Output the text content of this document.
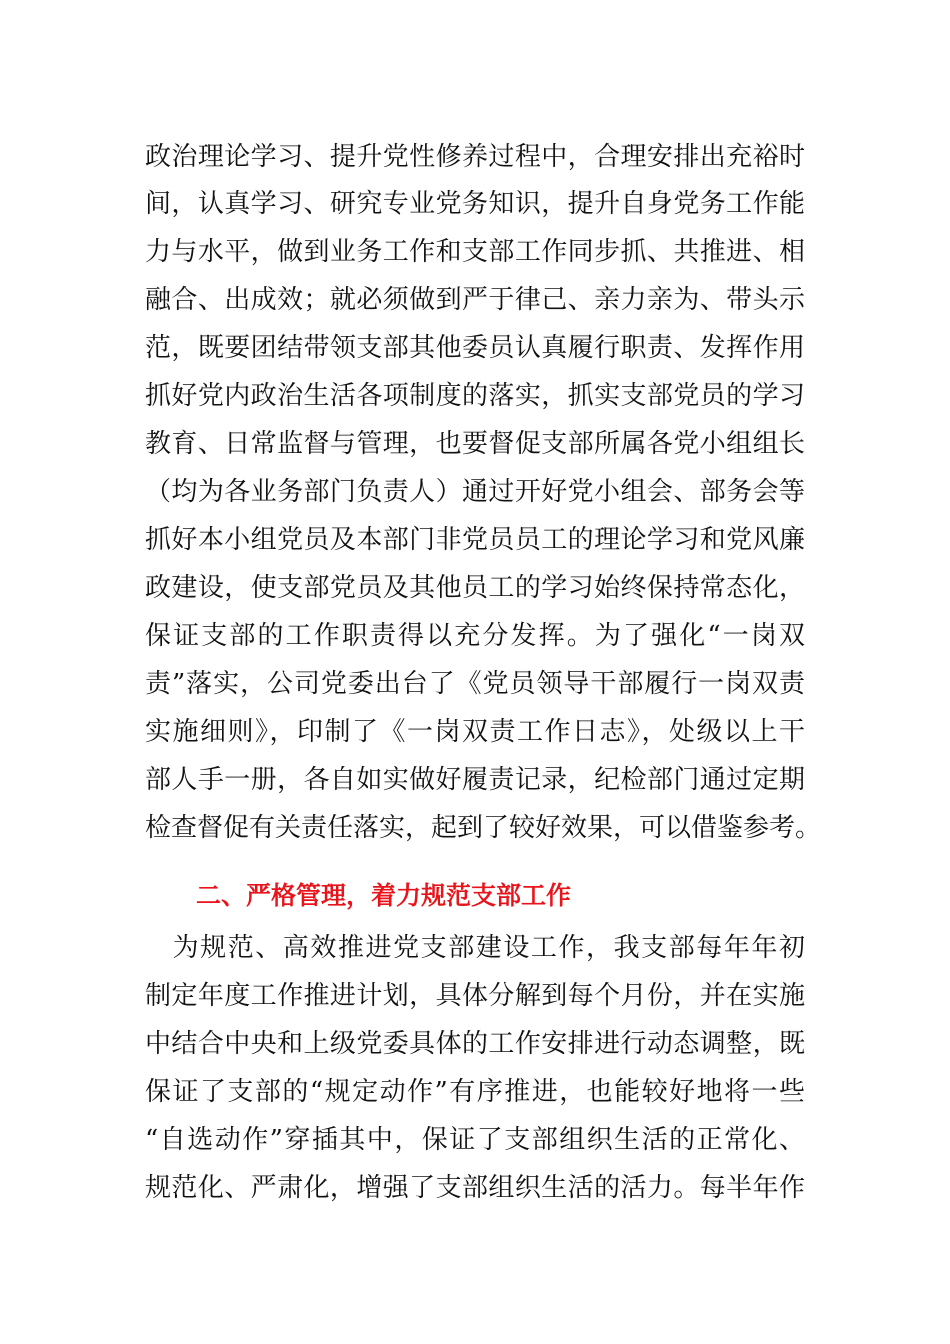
政治理论学习、提升党性修养过程中，合理安排出充裕时
间，认真学习、研究专业党务知识，提升自身党务工作能
力与水平，做到业务工作和支部工作同步抓、共推进、相
融合、出成效；就必须做到严于律己、亲力亲为、带头示
范，既要团结带领支部其他委员认真履行职责、发挥作用
抓好党内政治生活各项制度的落实，抓实支部党员的学习
教育、日常监督与管理，也要督促支部所属各党小组组长
（均为各业务部门负责人）通过开好党小组会、部务会等
抓好本小组党员及本部门非党员员工的理论学习和党风廉
政建设，使支部党员及其他员工的学习始终保持常态化，
保证支部的工作职责得以充分发挥。为了强化“一岗双
责”落实，公司党委出台了《党员领导干部履行一岗双责
实施细则》，印制了《一岗双责工作日志》，处级以上干
部人手一册，各自如实做好履责记录，纪检部门通过定期
检查督促有关责任落实，起到了较好效果，可以借鉴参考。
二、严格管理，着力规范支部工作
　为规范、高效推进党支部建设工作，我支部每年年初
制定年度工作推进计划，具体分解到每个月份，并在实施
中结合中央和上级党委具体的工作安排进行动态调整，既
保证了支部的“规定动作”有序推进，也能较好地将一些
“自选动作”穿插其中，保证了支部组织生活的正常化、
规范化、严肃化，增强了支部组织生活的活力。每半年作
